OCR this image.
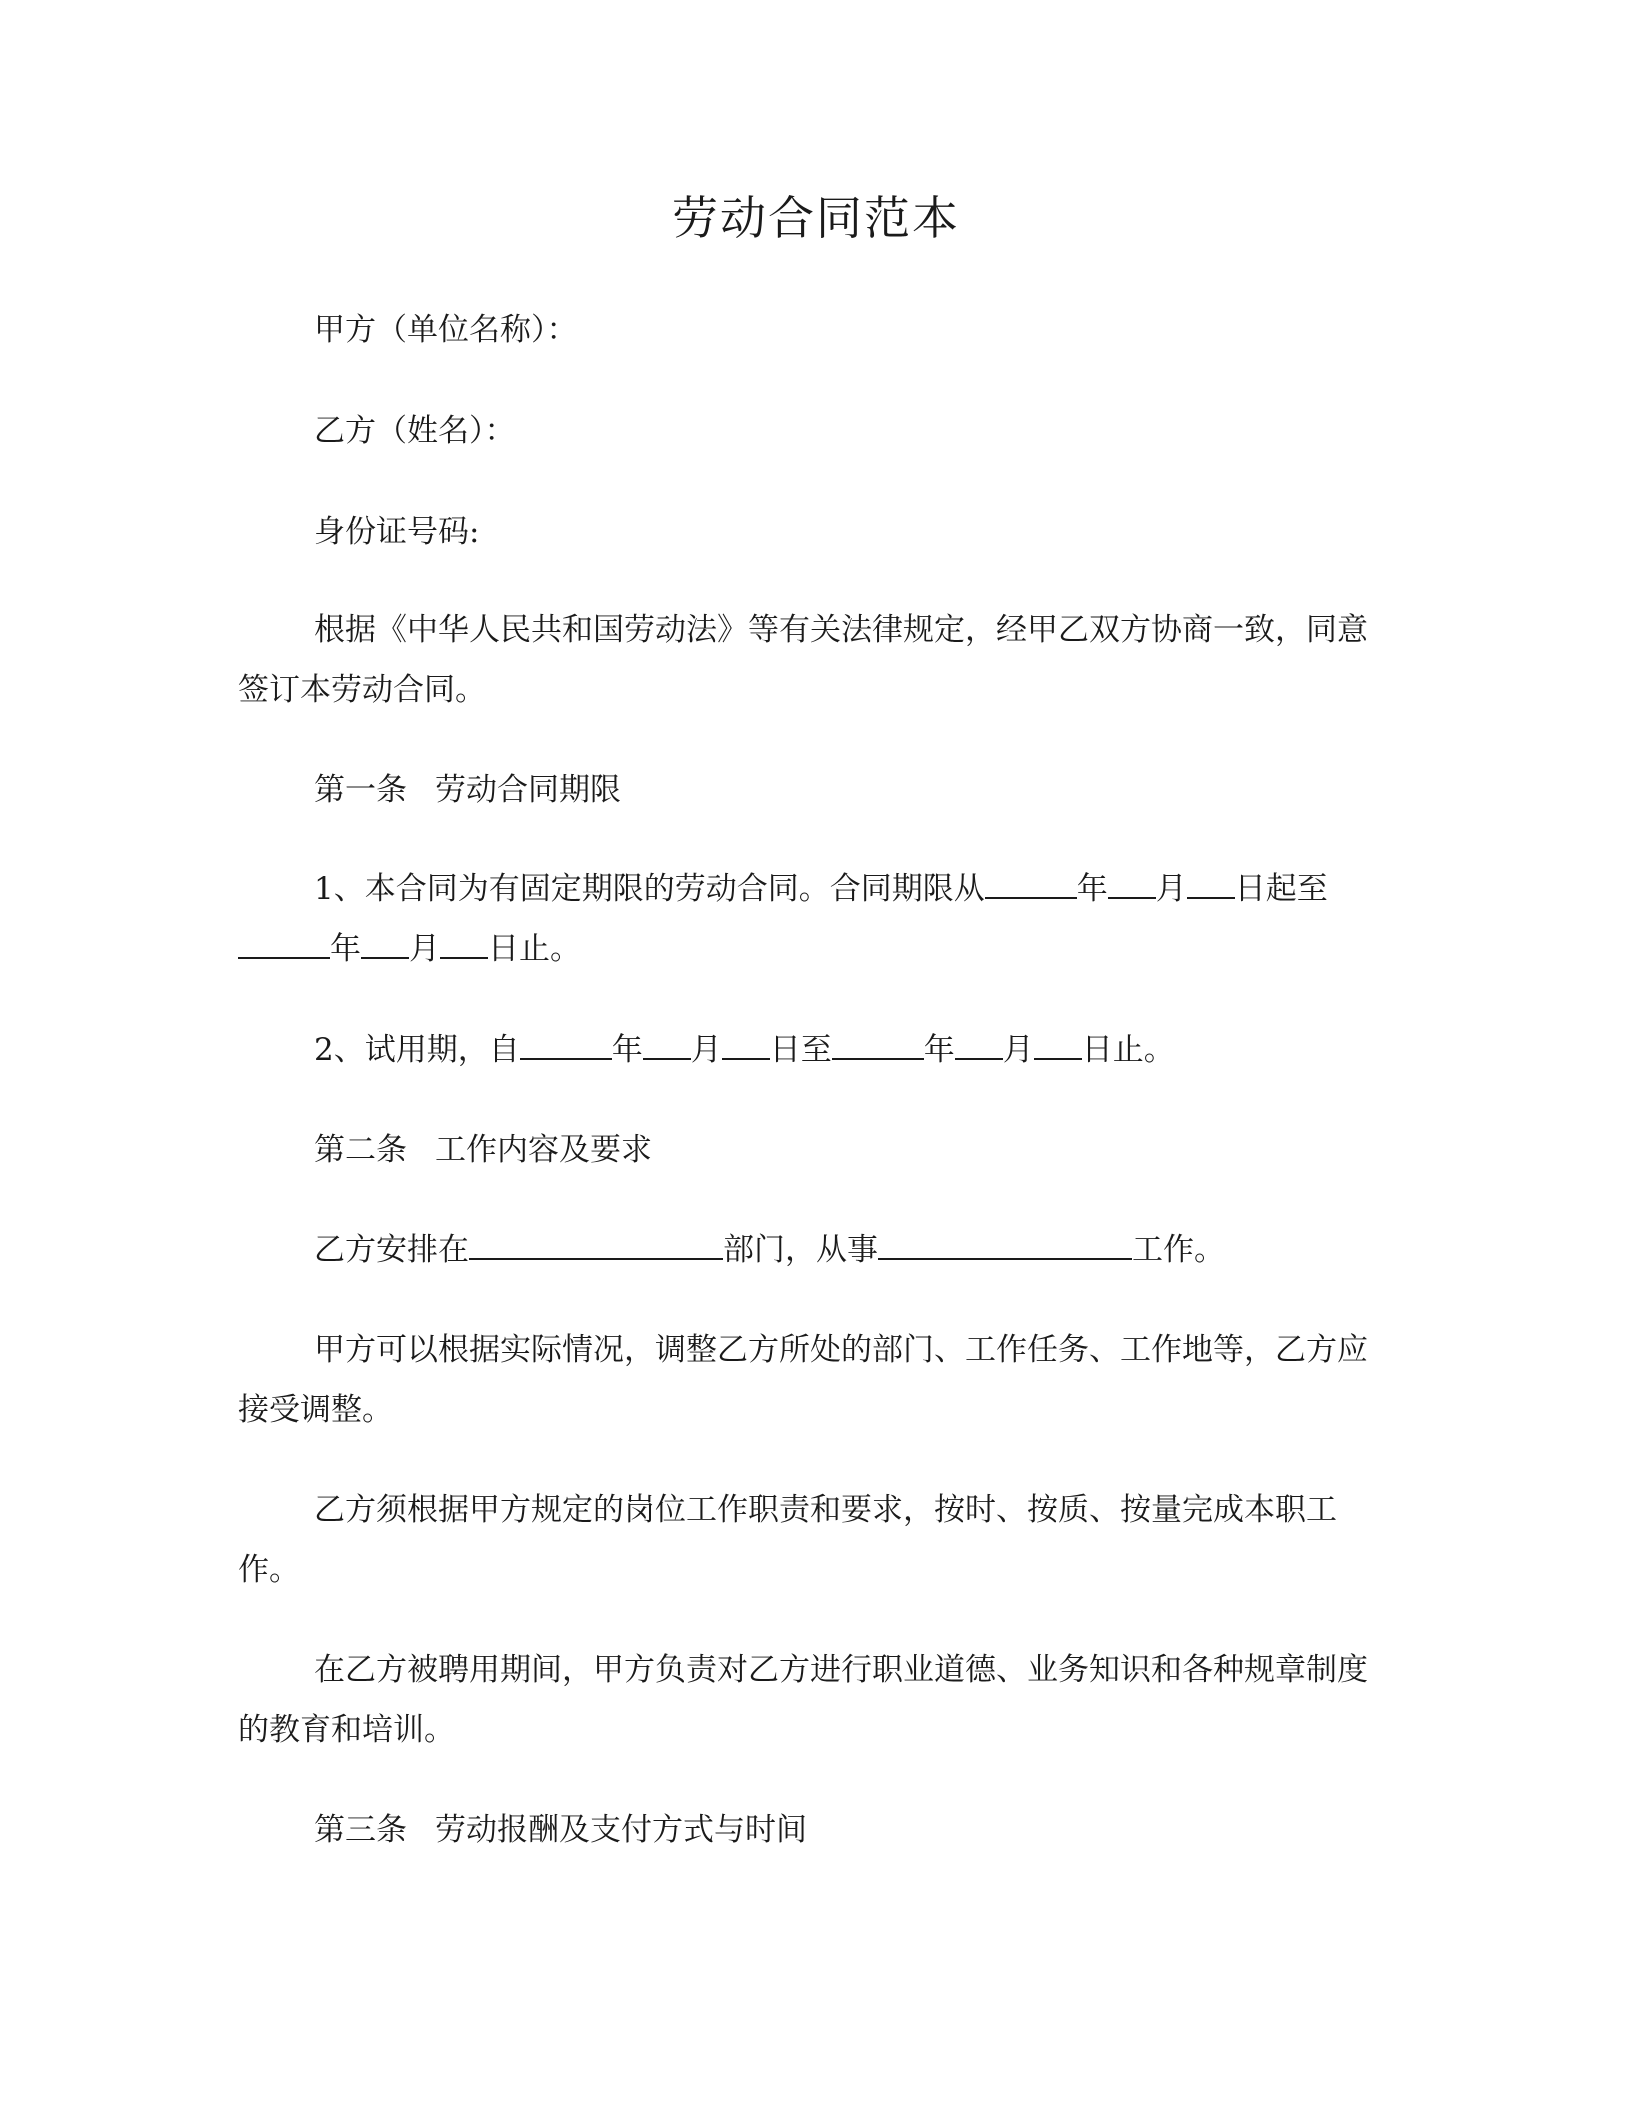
劳动合同范本

甲方（单位名称）：

乙方（姓名）：

身份证号码:

根据《中华人民共和国劳动法》等有关法律规定，经甲乙双方协商一致，同意签订本劳动合同。

第一条 劳动合同期限

1、本合同为有固定期限的劳动合同。合同期限从	年 月 日起至

年 月 日止。

2、试用期，自	年 月 日至	年 月 日止。

第二条 工作内容及要求

乙方安排在	部门，从事	工作。

甲方可以根据实际情况，调整乙方所处的部门、工作任务、工作地等，乙方应接受调整。

乙方须根据甲方规定的岗位工作职责和要求，按时、按质、按量完成本职工作。

在乙方被聘用期间，甲方负责对乙方进行职业道德、业务知识和各种规章制度的教育和培训。

第三条 劳动报酬及支付方式与时间
